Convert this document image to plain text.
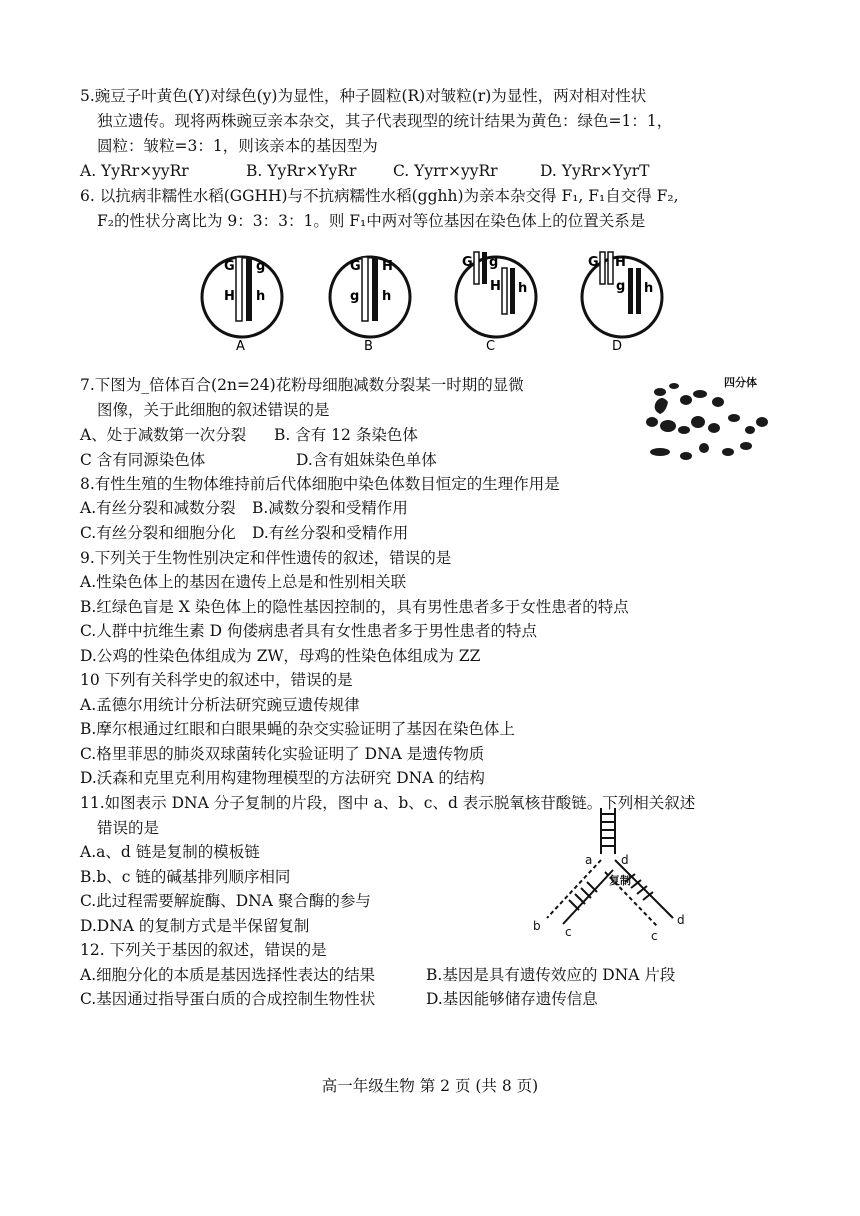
5.豌豆子叶黄色(Y)对绿色(y)为显性，种子圆粒(R)对皱粒(r)为显性，两对相对性状
独立遗传。现将两株豌豆亲本杂交，其子代表现型的统计结果为黄色：绿色=1：1，
圆粒：皱粒=3：1，则该亲本的基因型为
A. YyRr×yyRr	B. YyRr×YyRr C. Yyrr×yyRr	D. YyRr×YyrT
6. 以抗病非糯性水稻(GGHH)与不抗病糯性水稻(gghh)为亲本杂交得 F₁, F₁自交得 F₂,
F₂的性状分离比为 9：3：3：1。则 F₁中两对等位基因在染色体上的位置关系是
G g
H h
A
G H
g h
B
G g
H h
C
G H
g h
D
7.下图为_倍体百合(2n=24)花粉母细胞减数分裂某一时期的显微
图像，关于此细胞的叙述错误的是
A、处于减数第一次分裂 B. 含有 12 条染色体
C 含有同源染色体	D.含有姐妹染色单体
四分体
8.有性生殖的生物体维持前后代体细胞中染色体数目恒定的生理作用是
A.有丝分裂和减数分裂 B.减数分裂和受精作用
C.有丝分裂和细胞分化 D.有丝分裂和受精作用
9.下列关于生物性别决定和伴性遗传的叙述，错误的是
A.性染色体上的基因在遗传上总是和性别相关联
B.红绿色盲是 X 染色体上的隐性基因控制的，具有男性患者多于女性患者的特点
C.人群中抗维生素 D 佝偻病患者具有女性患者多于男性患者的特点
D.公鸡的性染色体组成为 ZW，母鸡的性染色体组成为 ZZ
10 下列有关科学史的叙述中，错误的是
A.孟德尔用统计分析法研究豌豆遗传规律
B.摩尔根通过红眼和白眼果蝇的杂交实验证明了基因在染色体上
C.格里菲思的肺炎双球菌转化实验证明了 DNA 是遗传物质
D.沃森和克里克利用构建物理模型的方法研究 DNA 的结构
11.如图表示 DNA 分子复制的片段，图中 a、b、c、d 表示脱氧核苷酸链。下列相关叙述
错误的是
A.a、d 链是复制的模板链
B.b、c 链的碱基排列顺序相同
C.此过程需要解旋酶、DNA 聚合酶的参与
D.DNA 的复制方式是半保留复制
a d
复制
b c
d
c
12. 下列关于基因的叙述，错误的是
A.细胞分化的本质是基因选择性表达的结果	B.基因是具有遗传效应的 DNA 片段
C.基因通过指导蛋白质的合成控制生物性状	D.基因能够储存遗传信息
高一年级生物 第 2 页 (共 8 页)
